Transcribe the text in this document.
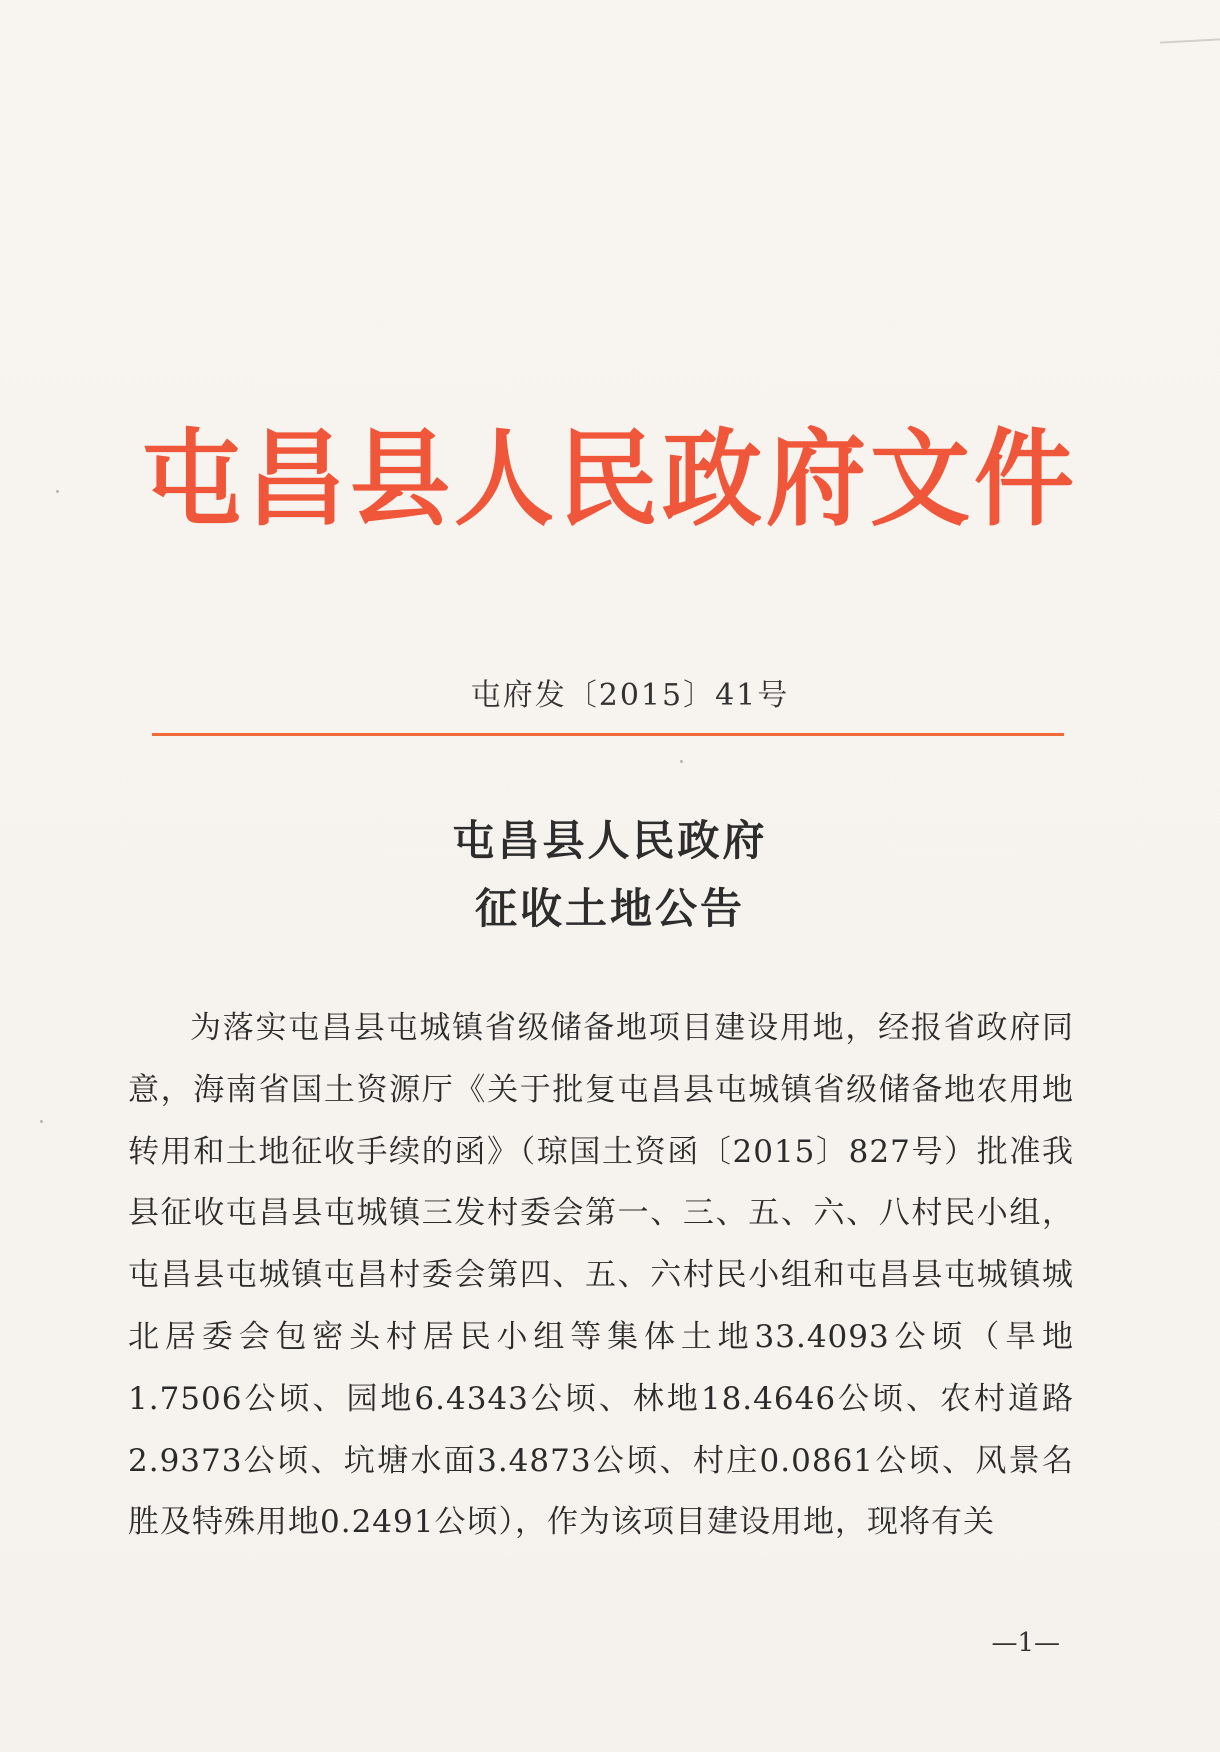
屯昌县人民政府文件
屯府发〔2015〕41号
屯昌县人民政府
征收土地公告
为落实屯昌县屯城镇省级储备地项目建设用地，经报省政府同意，海南省国土资源厅《关于批复屯昌县屯城镇省级储备地农用地转用和土地征收手续的函》（琼国土资函〔2015〕827号）批准我县征收屯昌县屯城镇三发村委会第一、三、五、六、八村民小组，屯昌县屯城镇屯昌村委会第四、五、六村民小组和屯昌县屯城镇城北居委会包密头村居民小组等集体土地33.4093公顷（旱地1.7506公顷、园地6.4343公顷、林地18.4646公顷、农村道路2.9373公顷、坑塘水面3.4873公顷、村庄0.0861公顷、风景名胜及特殊用地0.2491公顷），作为该项目建设用地，现将有关
—1—
